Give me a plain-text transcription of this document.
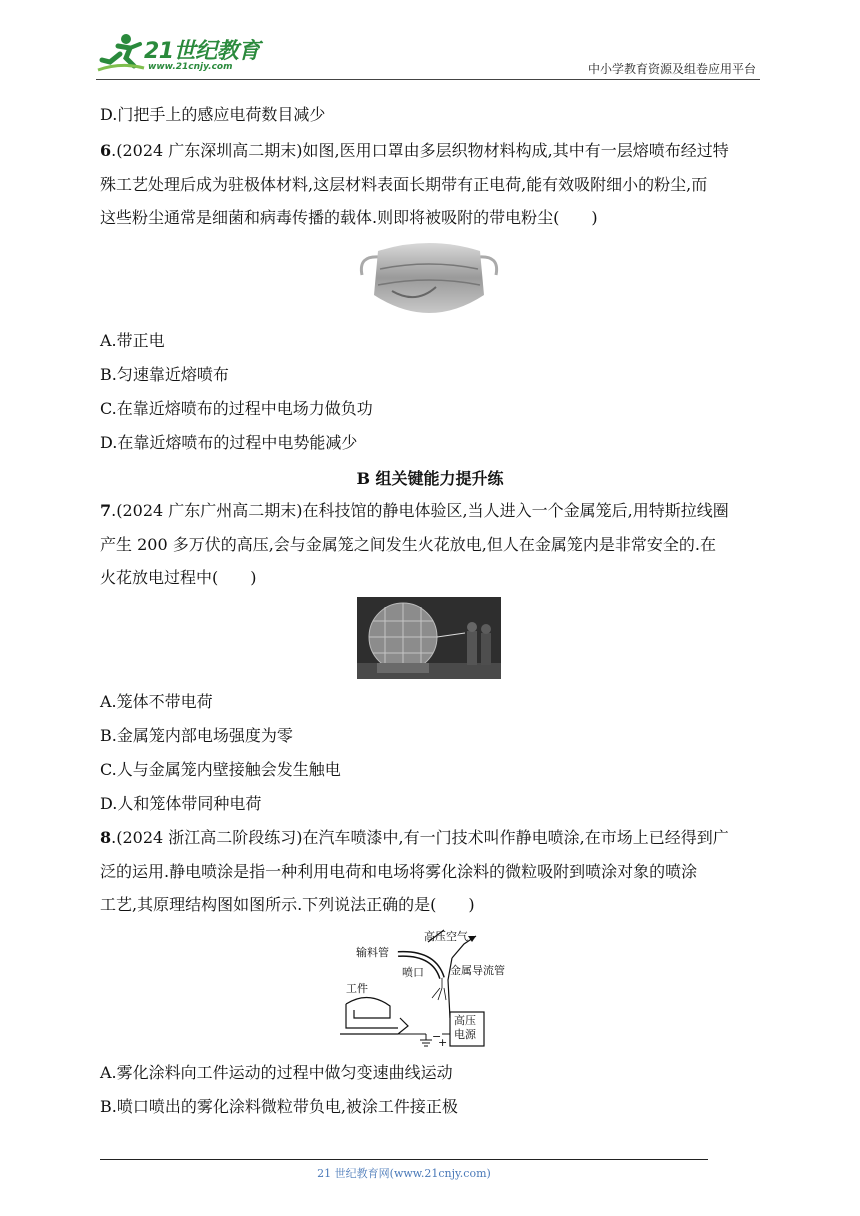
21世纪教育
www.21cnjy.com	中小学教育资源及组卷应用平台
D.门把手上的感应电荷数目减少
6.(2024 广东深圳高二期末)如图,医用口罩由多层织物材料构成,其中有一层熔喷布经过特
殊工艺处理后成为驻极体材料,这层材料表面长期带有正电荷,能有效吸附细小的粉尘,而
这些粉尘通常是细菌和病毒传播的载体.则即将被吸附的带电粉尘(　　)
A.带正电
B.匀速靠近熔喷布
C.在靠近熔喷布的过程中电场力做负功
D.在靠近熔喷布的过程中电势能减少
B 组关键能力提升练
7.(2024 广东广州高二期末)在科技馆的静电体验区,当人进入一个金属笼后,用特斯拉线圈
产生 200 多万伏的高压,会与金属笼之间发生火花放电,但人在金属笼内是非常安全的.在
火花放电过程中(　　)
A.笼体不带电荷
B.金属笼内部电场强度为零
C.人与金属笼内壁接触会发生触电
D.人和笼体带同种电荷
8.(2024 浙江高二阶段练习)在汽车喷漆中,有一门技术叫作静电喷涂,在市场上已经得到广
泛的运用.静电喷涂是指一种利用电荷和电场将雾化涂料的微粒吸附到喷涂对象的喷涂
工艺,其原理结构图如图所示.下列说法正确的是(　　)
高压空气
输料管
喷口 金属导流管
工件
高压
电源
−
+
A.雾化涂料向工件运动的过程中做匀变速曲线运动
B.喷口喷出的雾化涂料微粒带负电,被涂工件接正极
21 世纪教育网(www.21cnjy.com)
